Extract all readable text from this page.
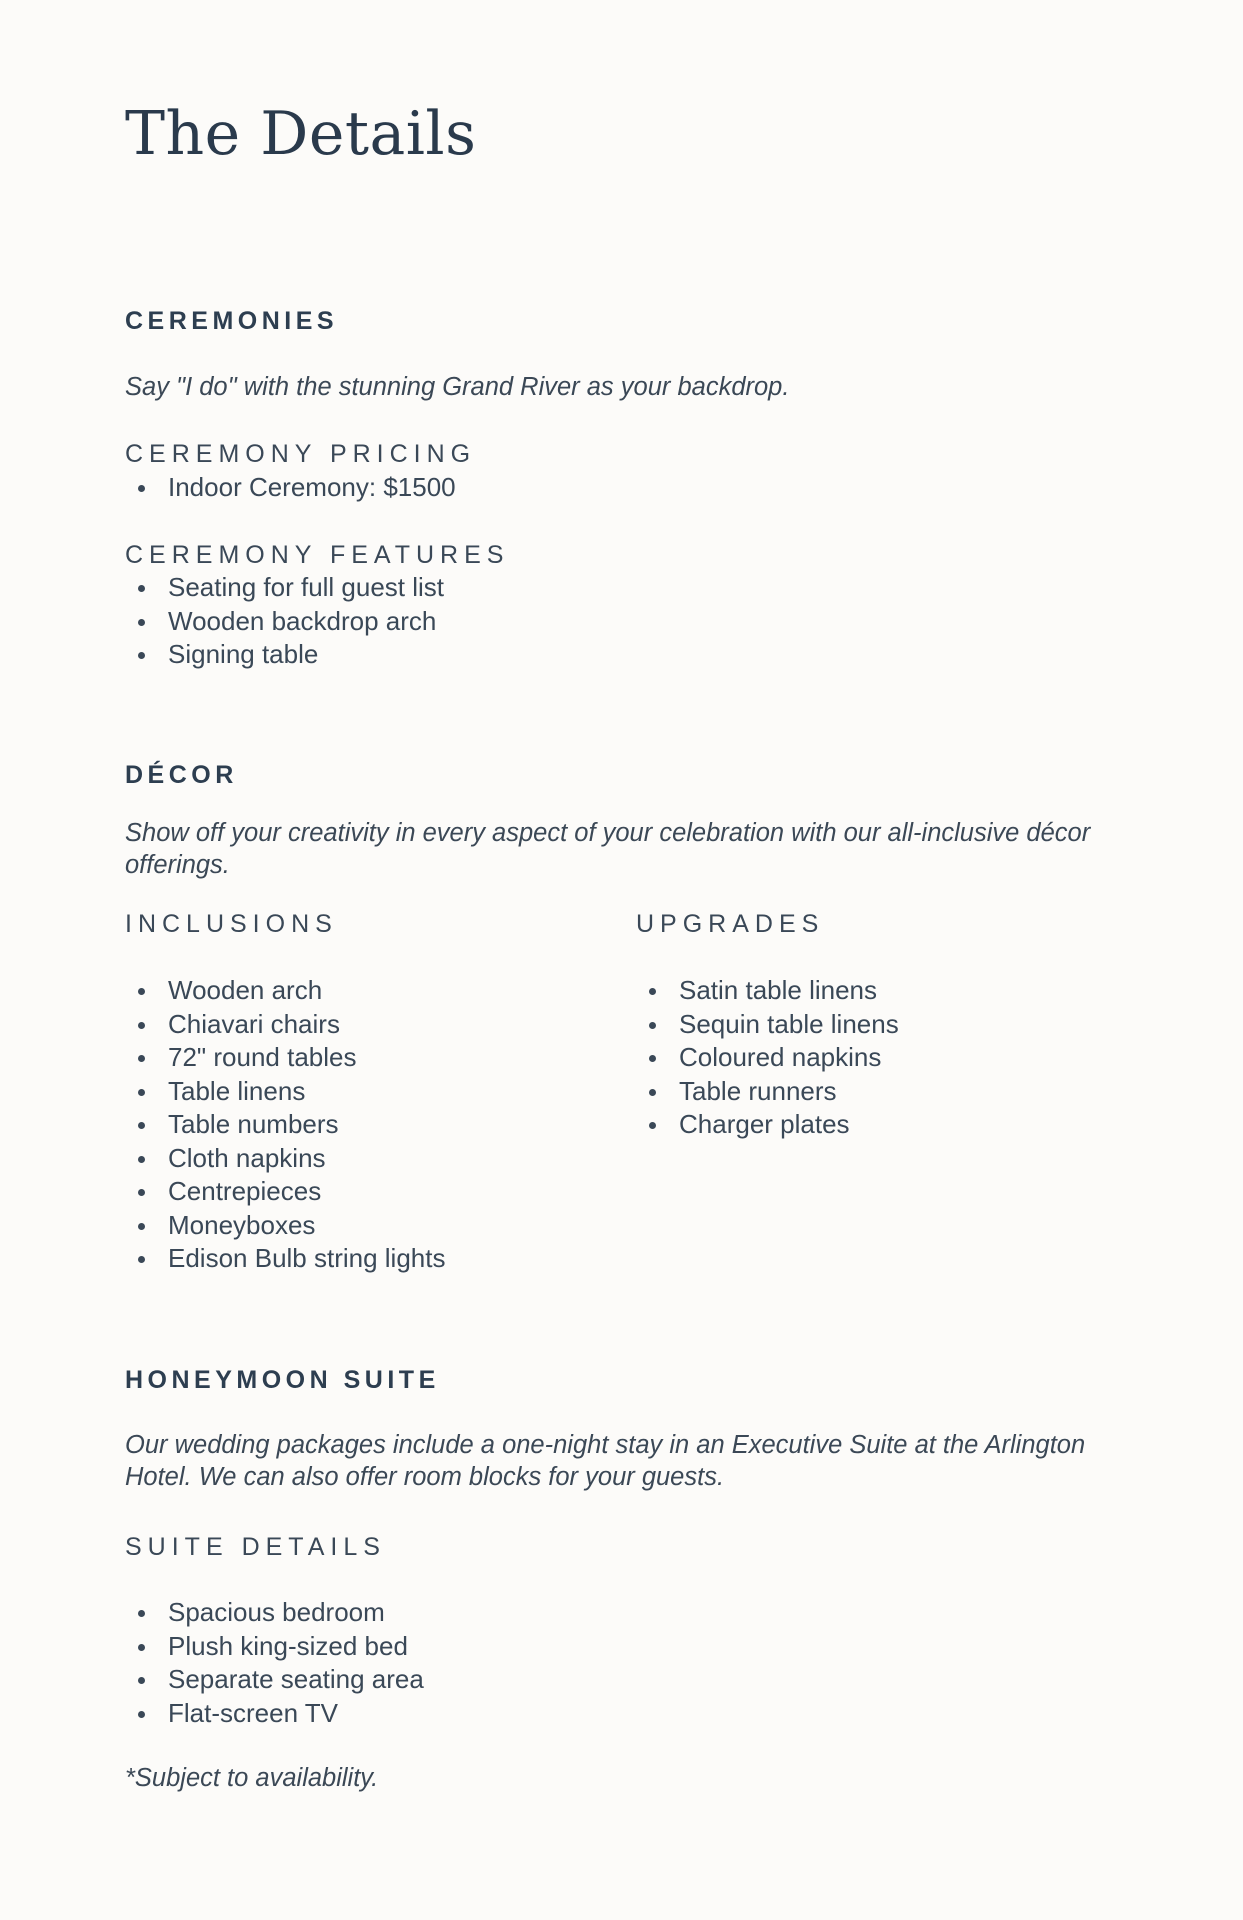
The Details
CEREMONIES

Say "I do" with the stunning Grand River as your backdrop.

CEREMONY PRICING
Indoor Ceremony: $1500
CEREMONY FEATURES
Seating for full guest list
Wooden backdrop arch
Signing table
DÉCOR

Show off your creativity in every aspect of your celebration with our all-inclusive décor offerings.

INCLUSIONS
Wooden arch
Chiavari chairs
72" round tables
Table linens
Table numbers
Cloth napkins
Centrepieces
Moneyboxes
Edison Bulb string lights
UPGRADES
Satin table linens
Sequin table linens
Coloured napkins
Table runners
Charger plates
HONEYMOON SUITE

Our wedding packages include a one-night stay in an Executive Suite at the Arlington Hotel. We can also offer room blocks for your guests.

SUITE DETAILS
Spacious bedroom
Plush king-sized bed
Separate seating area
Flat-screen TV

*Subject to availability.
